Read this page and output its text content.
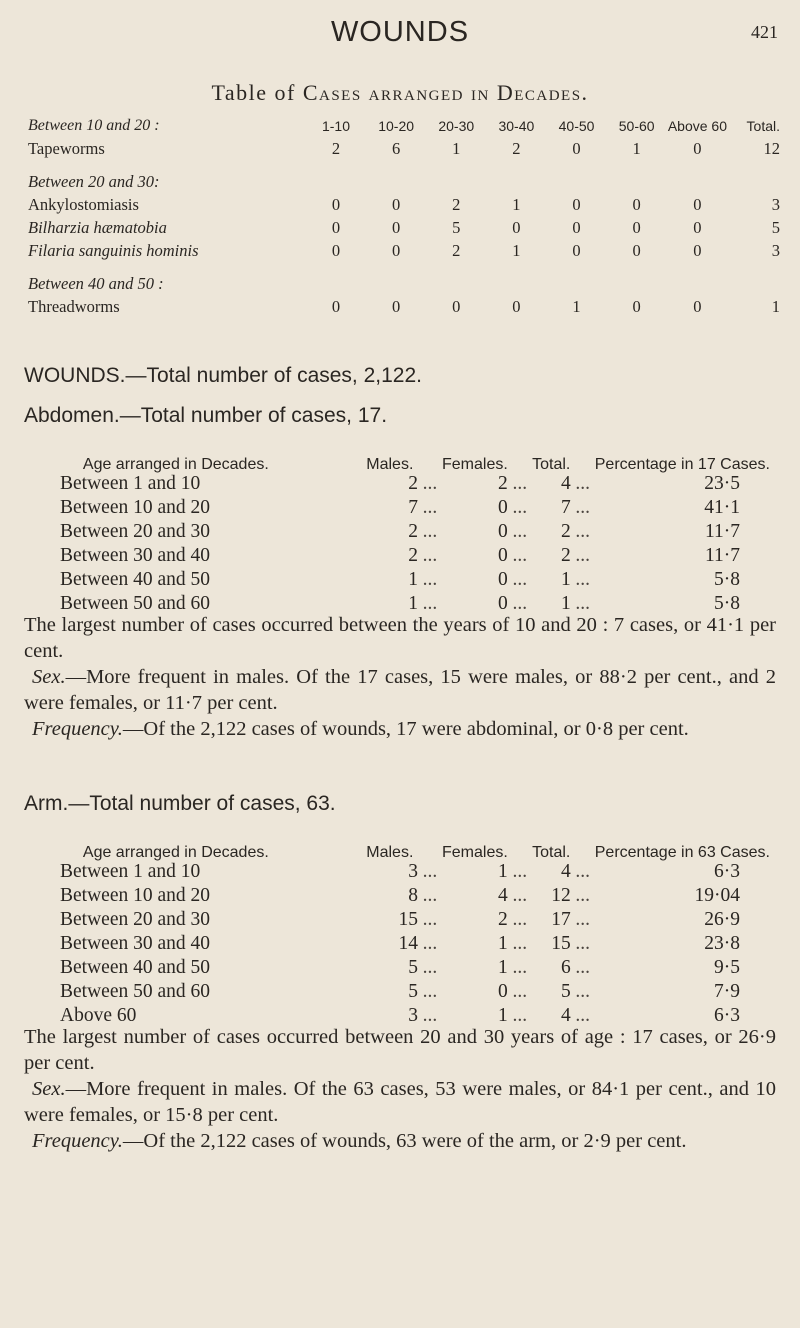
WOUNDS	421
Table of Cases arranged in Decades.
Between 10 and 20 :	1-10	10-20	20-30	30-40	40-50	50-60	Above 60	Total.
Tapeworms	2	6	1	2	0	1	0	12

Between 20 and 30:								
Ankylostomiasis	0	0	2	1	0	0	0	3
Bilharzia hæmatobia	0	0	5	0	0	0	0	5
Filaria sanguinis hominis	0	0	2	1	0	0	0	3

Between 40 and 50 :								
Threadworms	0	0	0	0	1	0	0	1
WOUNDS.—Total number of cases, 2,122.
Abdomen.—Total number of cases, 17.
Age arranged in Decades.	Males.		Females.		Total.		Percentage in 17 Cases.
Between 1 and 10	2	...	2	...	4	...	23·5
Between 10 and 20	7	...	0	...	7	...	41·1
Between 20 and 30	2	...	0	...	2	...	11·7
Between 30 and 40	2	...	0	...	2	...	11·7
Between 40 and 50	1	...	0	...	1	...	5·8
Between 50 and 60	1	...	0	...	1	...	5·8

The largest number of cases occurred between the years of 10 and 20 : 7 cases, or 41·1 per cent.

Sex.—More frequent in males. Of the 17 cases, 15 were males, or 88·2 per cent., and 2 were females, or 11·7 per cent.

Frequency.—Of the 2,122 cases of wounds, 17 were abdominal, or 0·8 per cent.

Arm.—Total number of cases, 63.
Age arranged in Decades.	Males.		Females.		Total.		Percentage in 63 Cases.
Between 1 and 10	3	...	1	...	4	...	6·3
Between 10 and 20	8	...	4	...	12	...	19·04
Between 20 and 30	15	...	2	...	17	...	26·9
Between 30 and 40	14	...	1	...	15	...	23·8
Between 40 and 50	5	...	1	...	6	...	9·5
Between 50 and 60	5	...	0	...	5	...	7·9
Above 60	3	...	1	...	4	...	6·3

The largest number of cases occurred between 20 and 30 years of age : 17 cases, or 26·9 per cent.

Sex.—More frequent in males. Of the 63 cases, 53 were males, or 84·1 per cent., and 10 were females, or 15·8 per cent.

Frequency.—Of the 2,122 cases of wounds, 63 were of the arm, or 2·9 per cent.
